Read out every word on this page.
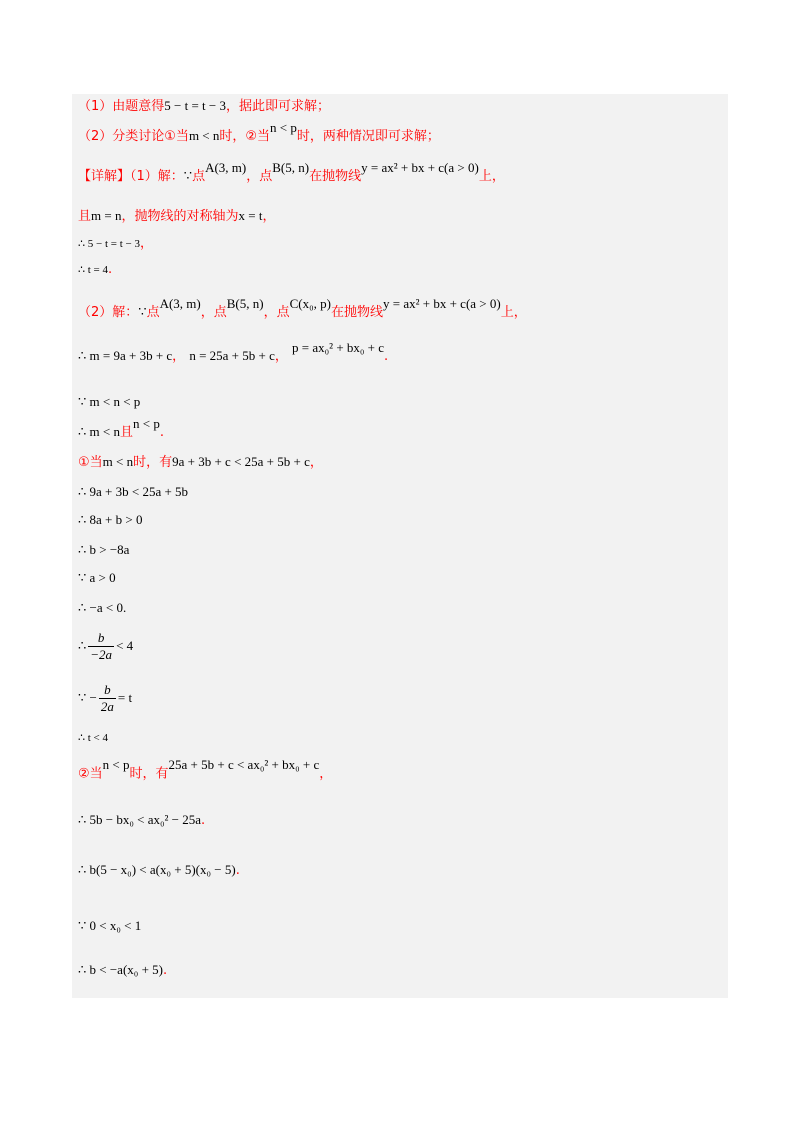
（1）由题意得5 − t = t − 3，据此即可求解；
（2）分类讨论①当m < n时，②当n < p时，两种情况即可求解；
【详解】（1）解：∵点A(3, m)，点B(5, n)在抛物线y = ax² + bx + c(a > 0)上，
且m = n，抛物线的对称轴为x = t，
∴ 5 − t = t − 3，
∴ t = 4.
（2）解：∵点A(3, m)，点B(5, n)，点C(x₀, p)在抛物线y = ax² + bx + c(a > 0)上，
∴ m = 9a + 3b + c， n = 25a + 5b + c， p = ax₀² + bx₀ + c.
∵ m < n < p
∴ m < n且n < p.
①当m < n时，有9a + 3b + c < 25a + 5b + c，
∴ 9a + 3b < 25a + 5b
∴ 8a + b > 0
∴ b > −8a
∵ a > 0
∴ −a < 0.
∴ $\frac{b}{-2a} < 4$
∵ − $\frac{b}{2a} = t$
∴ t < 4
②当n < p时，有25a + 5b + c < ax₀² + bx₀ + c，
∴ 5b − bx₀ < ax₀² − 25a.
∴ b(5 − x₀) < a(x₀ + 5)(x₀ − 5).
∵ 0 < x₀ < 1
∴ b < −a(x₀ + 5).
